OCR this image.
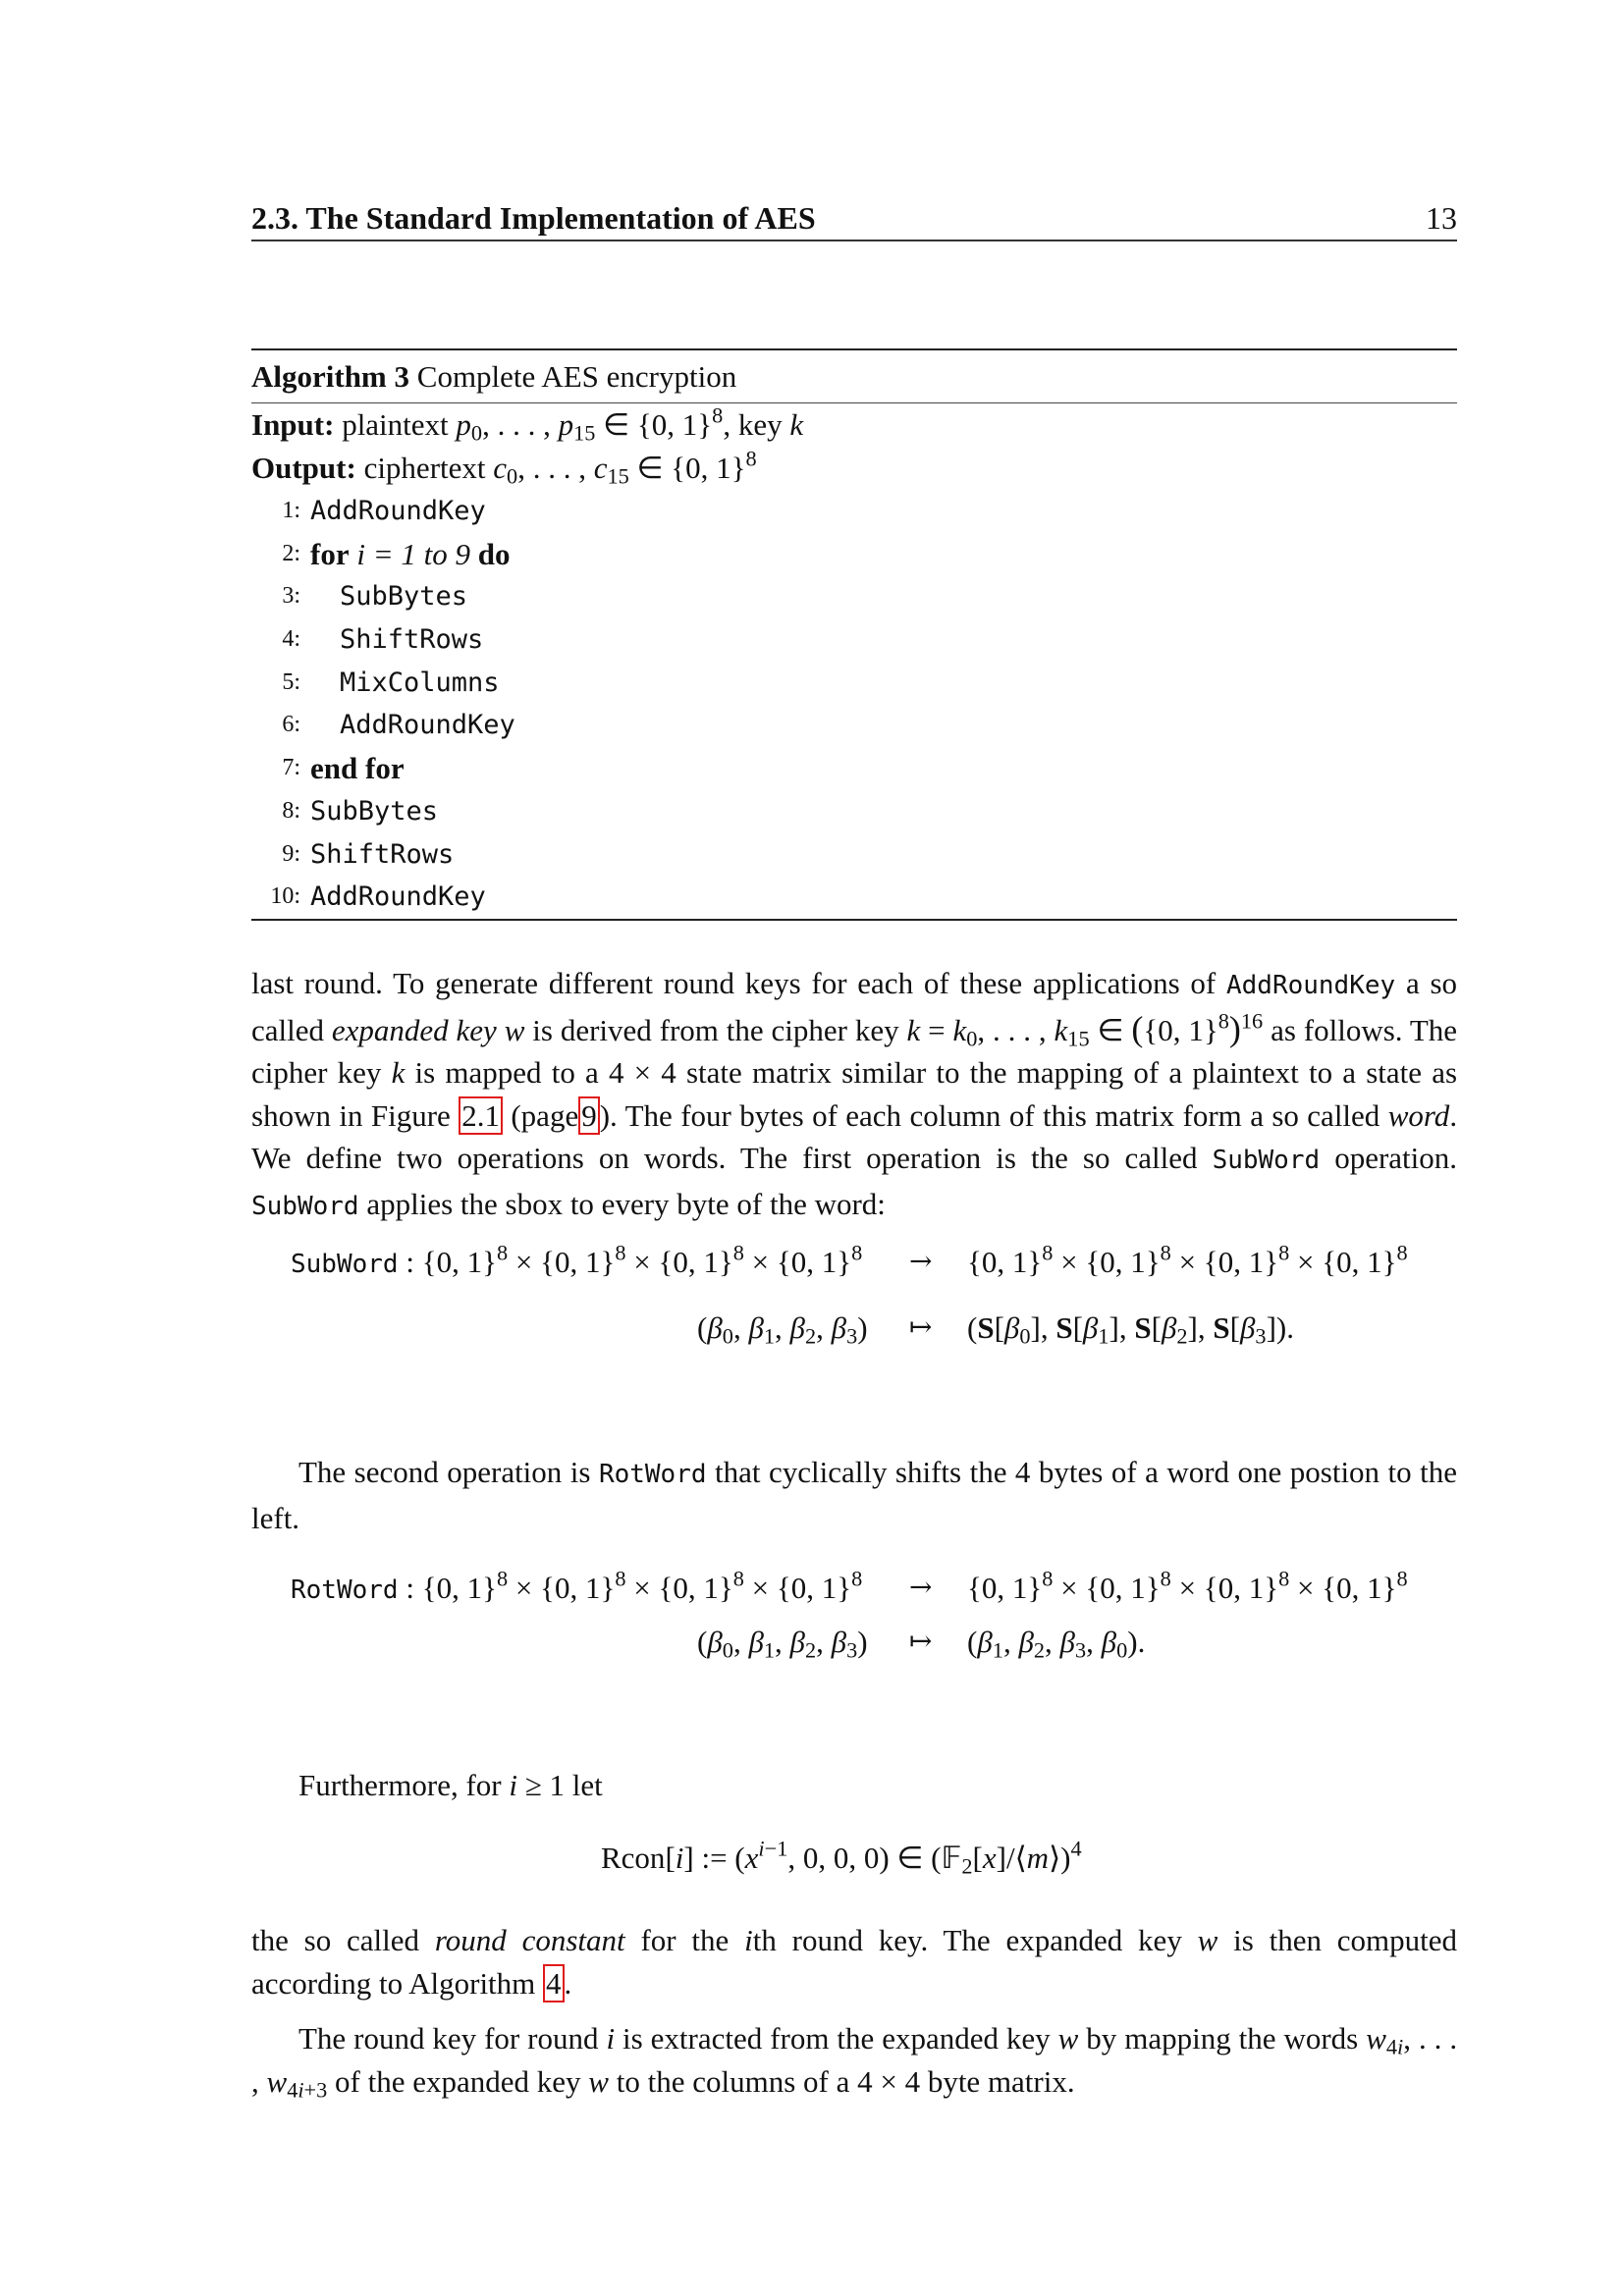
2.3. The Standard Implementation of AES	13
Algorithm 3 Complete AES encryption
Input: plaintext $p_0$, . . . , $p_{15}$ ∈ {0, 1}$^8$, key k
Output: ciphertext $c_0$, . . . , $c_{15}$ ∈ {0, 1}$^8$
1: AddRoundKey
2: for i = 1 to 9 do
3:	SubBytes
4:	ShiftRows
5:	MixColumns
6:	AddRoundKey
7: end for
8: SubBytes
9: ShiftRows
10: AddRoundKey
last round. To generate different round keys for each of these applications of AddRoundKey a so called expanded key w is derived from the cipher key $k = k_0$, . . . , $k_{15}$ ∈ ({0, 1}$^8$)$^{16}$ as follows. The cipher key k is mapped to a 4 × 4 state matrix similar to the mapping of a plaintext to a state as shown in Figure 2.1 (page9). The four bytes of each column of this matrix form a so called word. We define two operations on words. The first operation is the so called SubWord operation. SubWord applies the sbox to every byte of the word:
SubWord : {0, 1}$^8$ × {0, 1}$^8$ × {0, 1}$^8$ × {0, 1}$^8$ → {0, 1}$^8$ × {0, 1}$^8$ × {0, 1}$^8$ × {0, 1}$^8$
($\beta_0$, $\beta_1$, $\beta_2$, $\beta_3$) ↦ ($S[\beta_0]$, $S[\beta_1]$, $S[\beta_2]$, $S[\beta_3]$).
The second operation is RotWord that cyclically shifts the 4 bytes of a word one postion to the left.
RotWord : {0, 1}$^8$ × {0, 1}$^8$ × {0, 1}$^8$ × {0, 1}$^8$ → {0, 1}$^8$ × {0, 1}$^8$ × {0, 1}$^8$ × {0, 1}$^8$
($\beta_0$, $\beta_1$, $\beta_2$, $\beta_3$) ↦ ($\beta_1$, $\beta_2$, $\beta_3$, $\beta_0$).
Furthermore, for i ≥ 1 let
Rcon[i] := ($x^{i-1}$, 0, 0, 0) ∈ (𝔽$_2$[x]/⟨m⟩)$^4$
the so called round constant for the ith round key. The expanded key w is then computed according to Algorithm 4.
The round key for round i is extracted from the expanded key w by mapping the words $w_{4i}$, . . . , $w_{4i+3}$ of the expanded key w to the columns of a 4 × 4 byte matrix.
